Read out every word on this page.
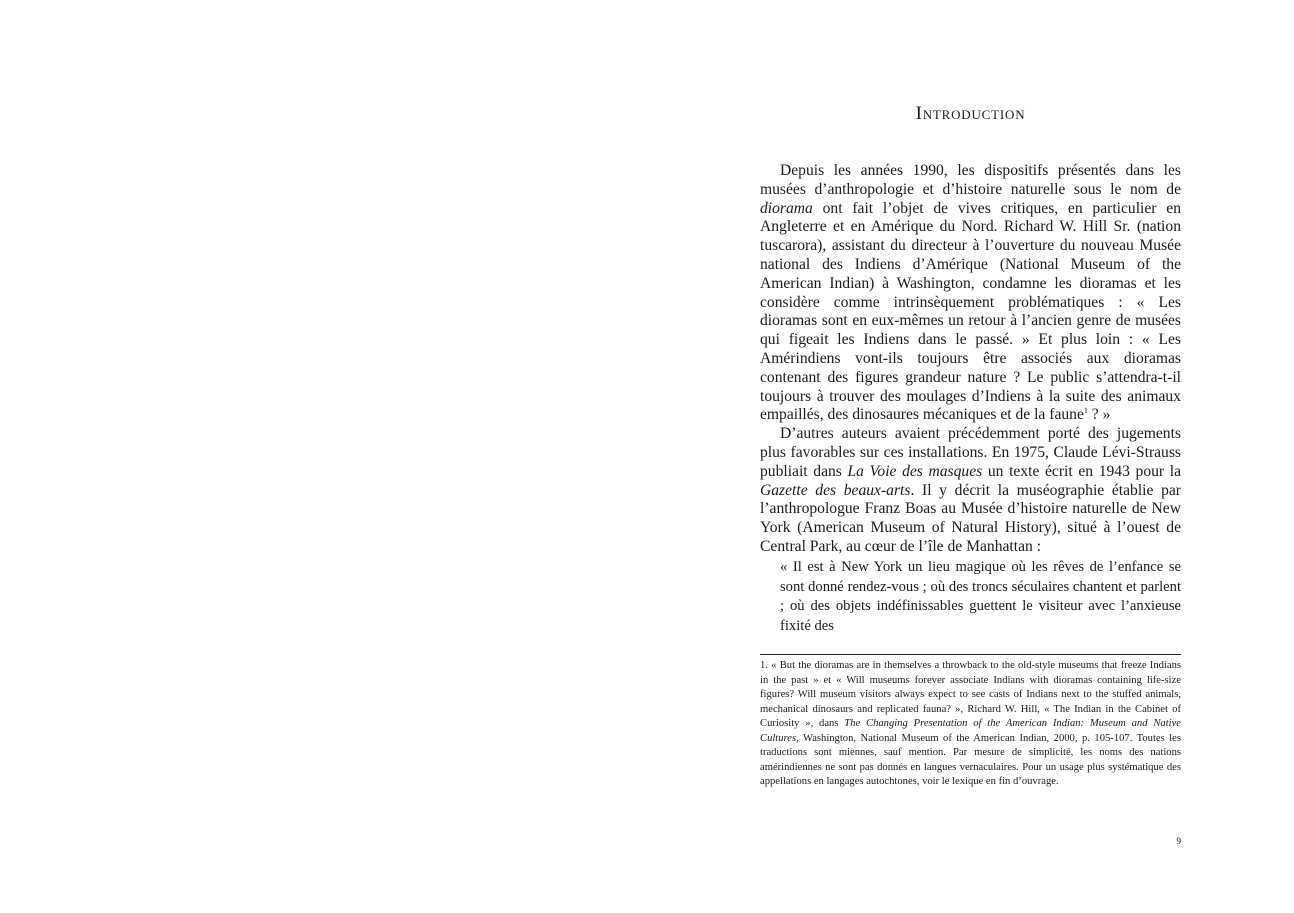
Introduction

Depuis les années 1990, les dispositifs présentés dans les musées d’anthropologie et d’histoire naturelle sous le nom de diorama ont fait l’objet de vives critiques, en particulier en Angleterre et en Amérique du Nord. Richard W. Hill Sr. (nation tuscarora), assistant du directeur à l’ouverture du nouveau Musée national des Indiens d’Amérique (National Museum of the American Indian) à Washington, condamne les dioramas et les considère comme intrinsèquement problématiques : « Les dioramas sont en eux-mêmes un retour à l’ancien genre de musées qui figeait les Indiens dans le passé. » Et plus loin : « Les Amérindiens vont-ils toujours être associés aux dioramas contenant des figures grandeur nature ? Le public s’attendra-t-il toujours à trouver des moulages d’Indiens à la suite des animaux empaillés, des dinosaures mécaniques et de la faune$^1$ ? »

D’autres auteurs avaient précédemment porté des jugements plus favorables sur ces installations. En 1975, Claude Lévi-Strauss publiait dans La Voie des masques un texte écrit en 1943 pour la Gazette des beaux-arts. Il y décrit la muséographie établie par l’anthropologue Franz Boas au Musée d’histoire naturelle de New York (American Museum of Natural History), situé à l’ouest de Central Park, au cœur de l’île de Manhattan :

« Il est à New York un lieu magique où les rêves de l’enfance se sont donné rendez-vous ; où des troncs séculaires chantent et parlent ; où des objets indéfinissables guettent le visiteur avec l’anxieuse fixité des

1. « But the dioramas are in themselves a throwback to the old-style museums that freeze Indians in the past » et « Will museums forever associate Indians with dioramas containing life-size figures? Will museum visitors always expect to see casts of Indians next to the stuffed animals, mechanical dinosaurs and replicated fauna? », Richard W. Hill, « The Indian in the Cabinet of Curiosity », dans The Changing Presentation of the American Indian: Museum and Native Cultures, Washington, National Museum of the American Indian, 2000, p. 105-107. Toutes les traductions sont miennes, sauf mention. Par mesure de simplicité, les noms des nations amérindiennes ne sont pas donnés en langues vernaculaires. Pour un usage plus systématique des appellations en langages autochtones, voir le lexique en fin d’ouvrage.

9
